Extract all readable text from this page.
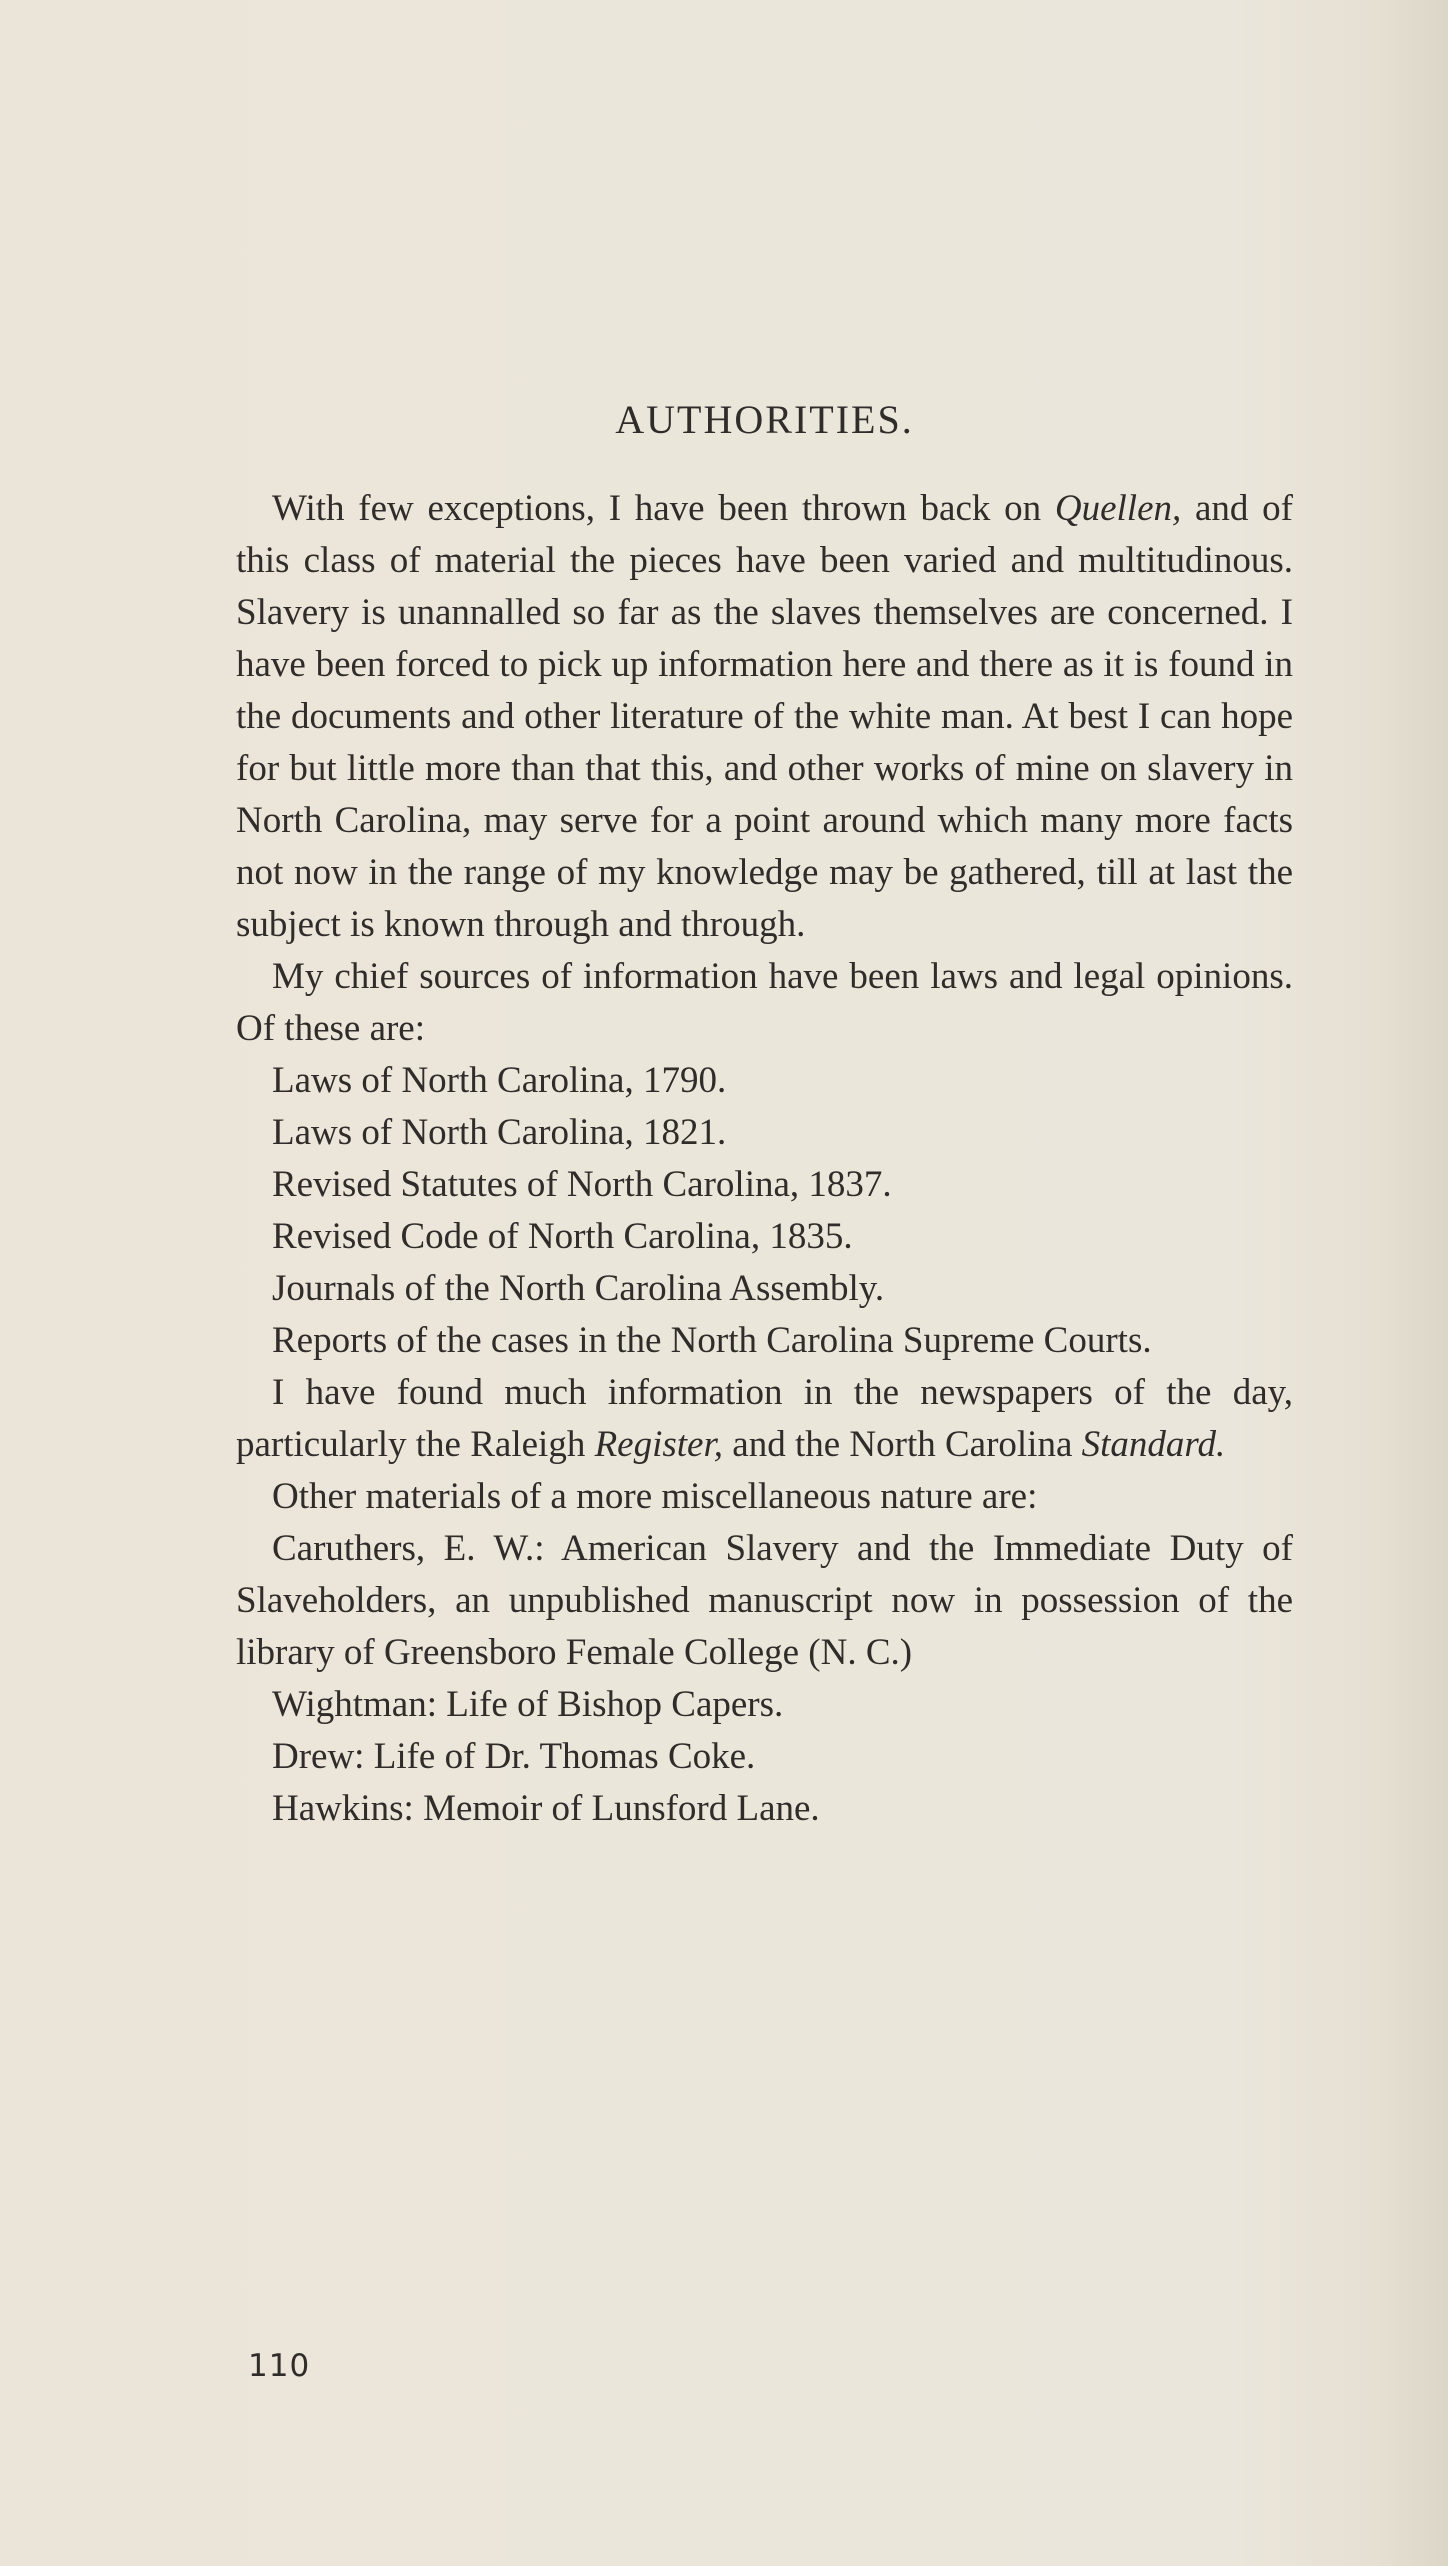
AUTHORITIES.

With few exceptions, I have been thrown back on Quellen, and of this class of material the pieces have been varied and multitudinous. Slavery is unannalled so far as the slaves themselves are concerned. I have been forced to pick up information here and there as it is found in the documents and other literature of the white man. At best I can hope for but little more than that this, and other works of mine on slavery in North Carolina, may serve for a point around which many more facts not now in the range of my knowledge may be gathered, till at last the subject is known through and through.

My chief sources of information have been laws and legal opinions. Of these are:

Laws of North Carolina, 1790.

Laws of North Carolina, 1821.

Revised Statutes of North Carolina, 1837.

Revised Code of North Carolina, 1835.

Journals of the North Carolina Assembly.

Reports of the cases in the North Carolina Supreme Courts.

I have found much information in the newspapers of the day, particularly the Raleigh Register, and the North Carolina Standard.

Other materials of a more miscellaneous nature are:

Caruthers, E. W.: American Slavery and the Immediate Duty of Slaveholders, an unpublished manuscript now in possession of the library of Greensboro Female College (N. C.)

Wightman: Life of Bishop Capers.

Drew: Life of Dr. Thomas Coke.

Hawkins: Memoir of Lunsford Lane.

110
